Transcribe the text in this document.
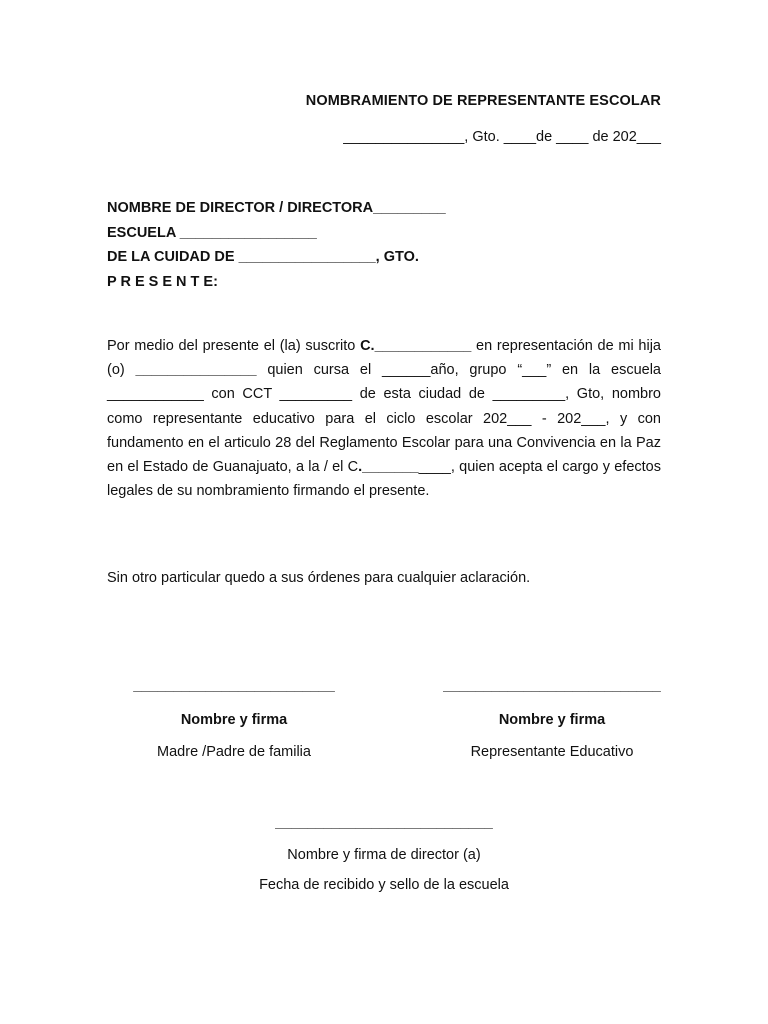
NOMBRAMIENTO DE REPRESENTANTE ESCOLAR
_______________, Gto. ____de ____ de 202___
NOMBRE DE DIRECTOR / DIRECTORA_________
ESCUELA _________________
DE LA CUIDAD DE _________________, GTO.
P R E S E N T E:
Por medio del presente el (la) suscrito C.____________ en representación de mi hija (o) _______________ quien cursa el ______año, grupo “___” en la escuela ____________ con CCT _________ de esta ciudad de _________, Gto, nombro como representante educativo para el ciclo escolar 202___ - 202___, y con fundamento en el articulo 28 del Reglamento Escolar para una Convivencia en la Paz en el Estado de Guanajuato, a la / el C.___________, quien acepta el cargo y efectos legales de su nombramiento firmando el presente.
Sin otro particular quedo a sus órdenes para cualquier aclaración.
_________________________
Nombre y firma
Madre /Padre de familia
___________________________
Nombre y firma
Representante Educativo
___________________________
Nombre y firma de director (a)
Fecha de recibido y sello de la escuela
